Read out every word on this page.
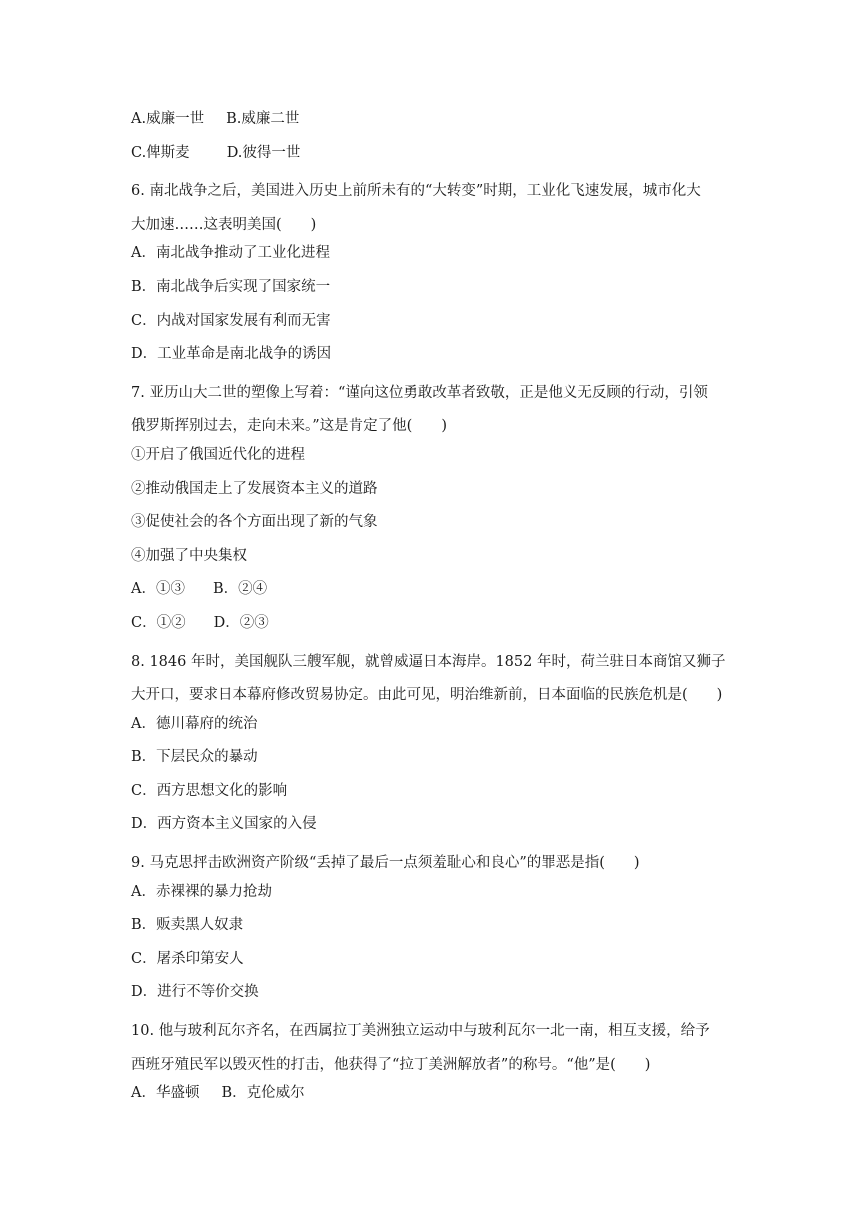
A.威廉一世 B.威廉二世
C.俾斯麦	D.彼得一世
6. 南北战争之后，美国进入历史上前所未有的“大转变”时期，工业化飞速发展，城市化大
大加速……这表明美国(　　)
A．南北战争推动了工业化进程
B．南北战争后实现了国家统一
C．内战对国家发展有利而无害
D．工业革命是南北战争的诱因
7. 亚历山大二世的塑像上写着：“谨向这位勇敢改革者致敬，正是他义无反顾的行动，引领
俄罗斯挥别过去，走向未来。”这是肯定了他(　　)
①开启了俄国近代化的进程
②推动俄国走上了发展资本主义的道路
③促使社会的各个方面出现了新的气象
④加强了中央集权
A．①③ B．②④
C．①② D．②③
8. 1846 年时，美国舰队三艘军舰，就曾威逼日本海岸。1852 年时，荷兰驻日本商馆又狮子
大开口，要求日本幕府修改贸易协定。由此可见，明治维新前，日本面临的民族危机是(　　)
A．德川幕府的统治
B．下层民众的暴动
C．西方思想文化的影响
D．西方资本主义国家的入侵
9. 马克思抨击欧洲资产阶级“丢掉了最后一点须羞耻心和良心”的罪恶是指(　　)
A．赤裸裸的暴力抢劫
B．贩卖黑人奴隶
C．屠杀印第安人
D．进行不等价交换
10. 他与玻利瓦尔齐名，在西属拉丁美洲独立运动中与玻利瓦尔一北一南，相互支援，给予
西班牙殖民军以毁灭性的打击，他获得了“拉丁美洲解放者”的称号。“他”是(　　)
A．华盛顿 B．克伦威尔
